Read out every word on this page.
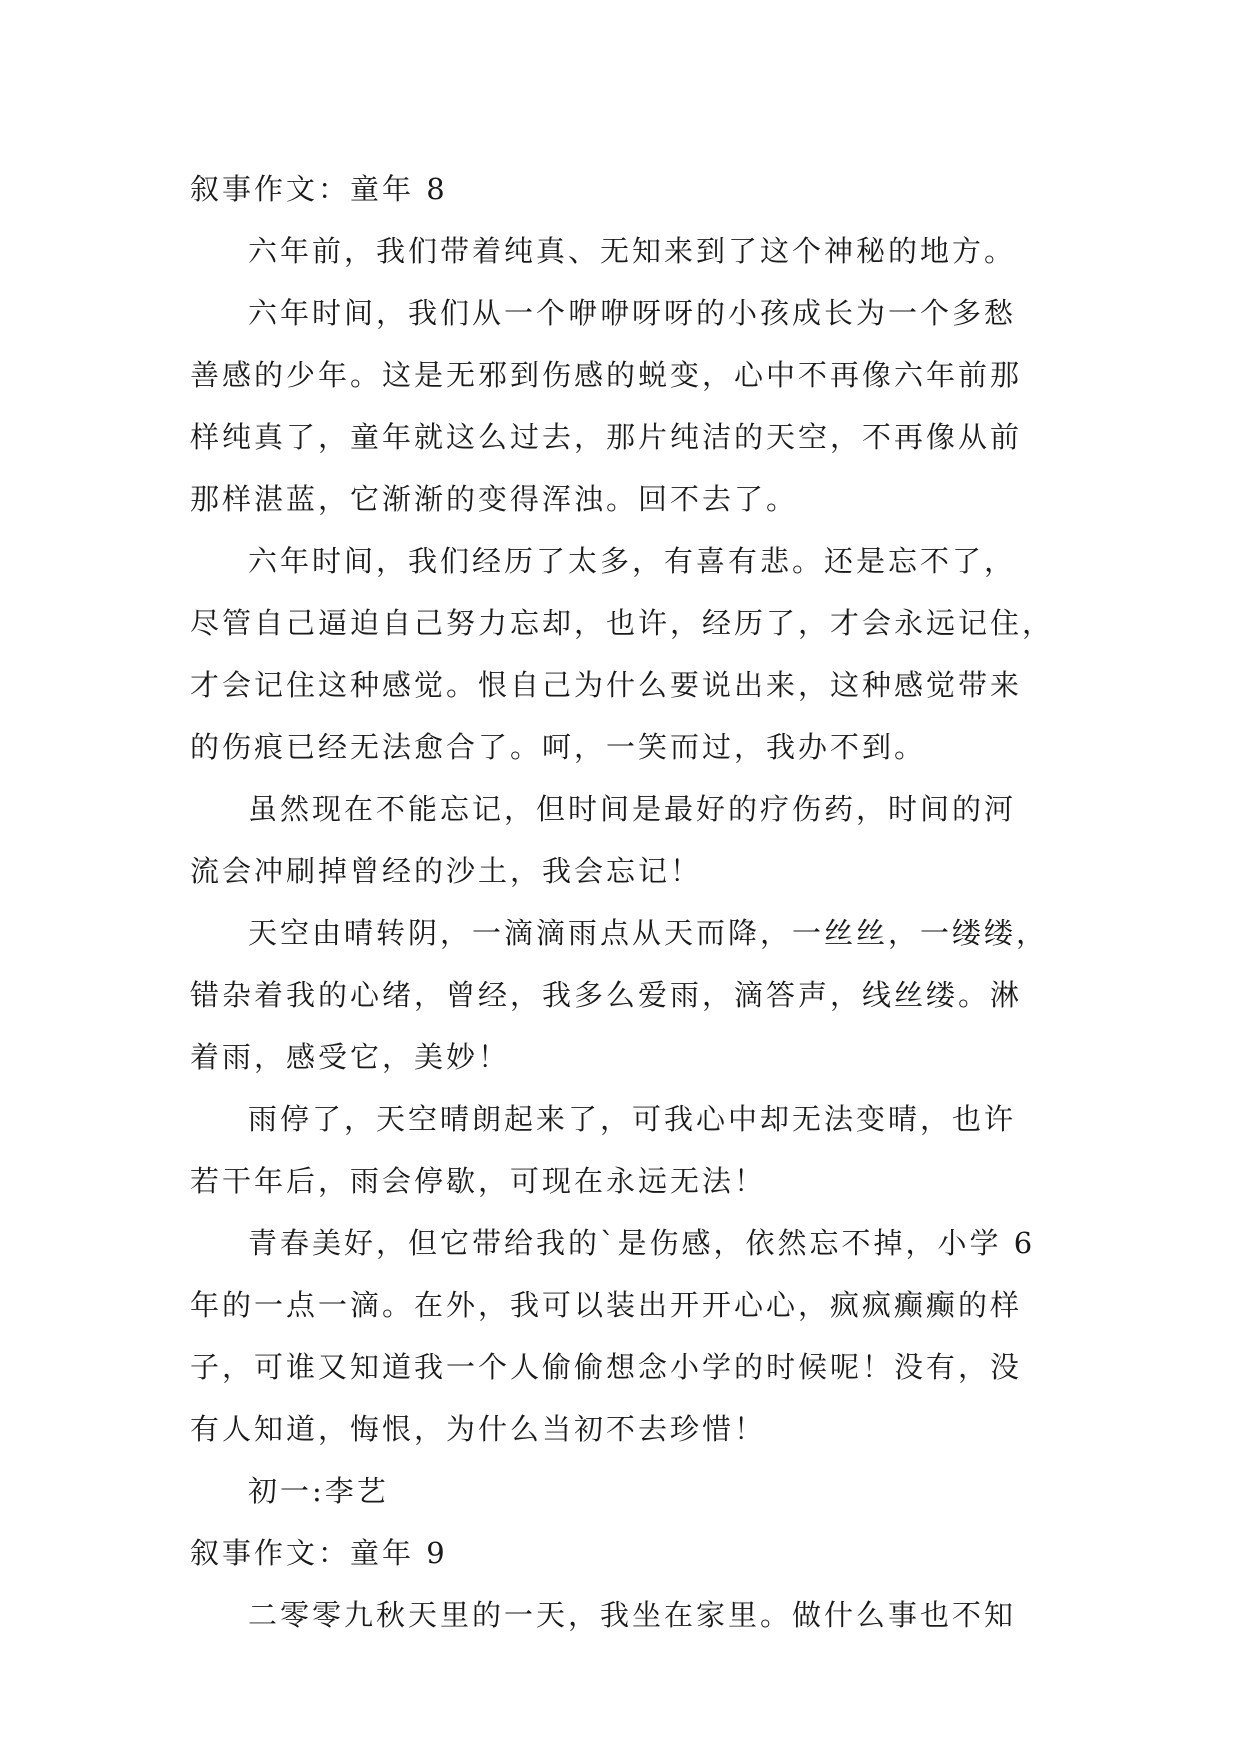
叙事作文：童年 8

六年前，我们带着纯真、无知来到了这个神秘的地方。

六年时间，我们从一个咿咿呀呀的小孩成长为一个多愁
善感的少年。这是无邪到伤感的蜕变，心中不再像六年前那
样纯真了，童年就这么过去，那片纯洁的天空，不再像从前
那样湛蓝，它渐渐的变得浑浊。回不去了。

六年时间，我们经历了太多，有喜有悲。还是忘不了，
尽管自己逼迫自己努力忘却，也许，经历了，才会永远记住，
才会记住这种感觉。恨自己为什么要说出来，这种感觉带来
的伤痕已经无法愈合了。呵，一笑而过，我办不到。

虽然现在不能忘记，但时间是最好的疗伤药，时间的河
流会冲刷掉曾经的沙土，我会忘记！

天空由晴转阴，一滴滴雨点从天而降，一丝丝，一缕缕，
错杂着我的心绪，曾经，我多么爱雨，滴答声，线丝缕。淋
着雨，感受它，美妙！

雨停了，天空晴朗起来了，可我心中却无法变晴，也许
若干年后，雨会停歇，可现在永远无法！

青春美好，但它带给我的`是伤感，依然忘不掉，小学 6
年的一点一滴。在外，我可以装出开开心心，疯疯癫癫的样
子，可谁又知道我一个人偷偷想念小学的时候呢！没有，没
有人知道，悔恨，为什么当初不去珍惜！

初一:李艺

叙事作文：童年 9

二零零九秋天里的一天，我坐在家里。做什么事也不知
